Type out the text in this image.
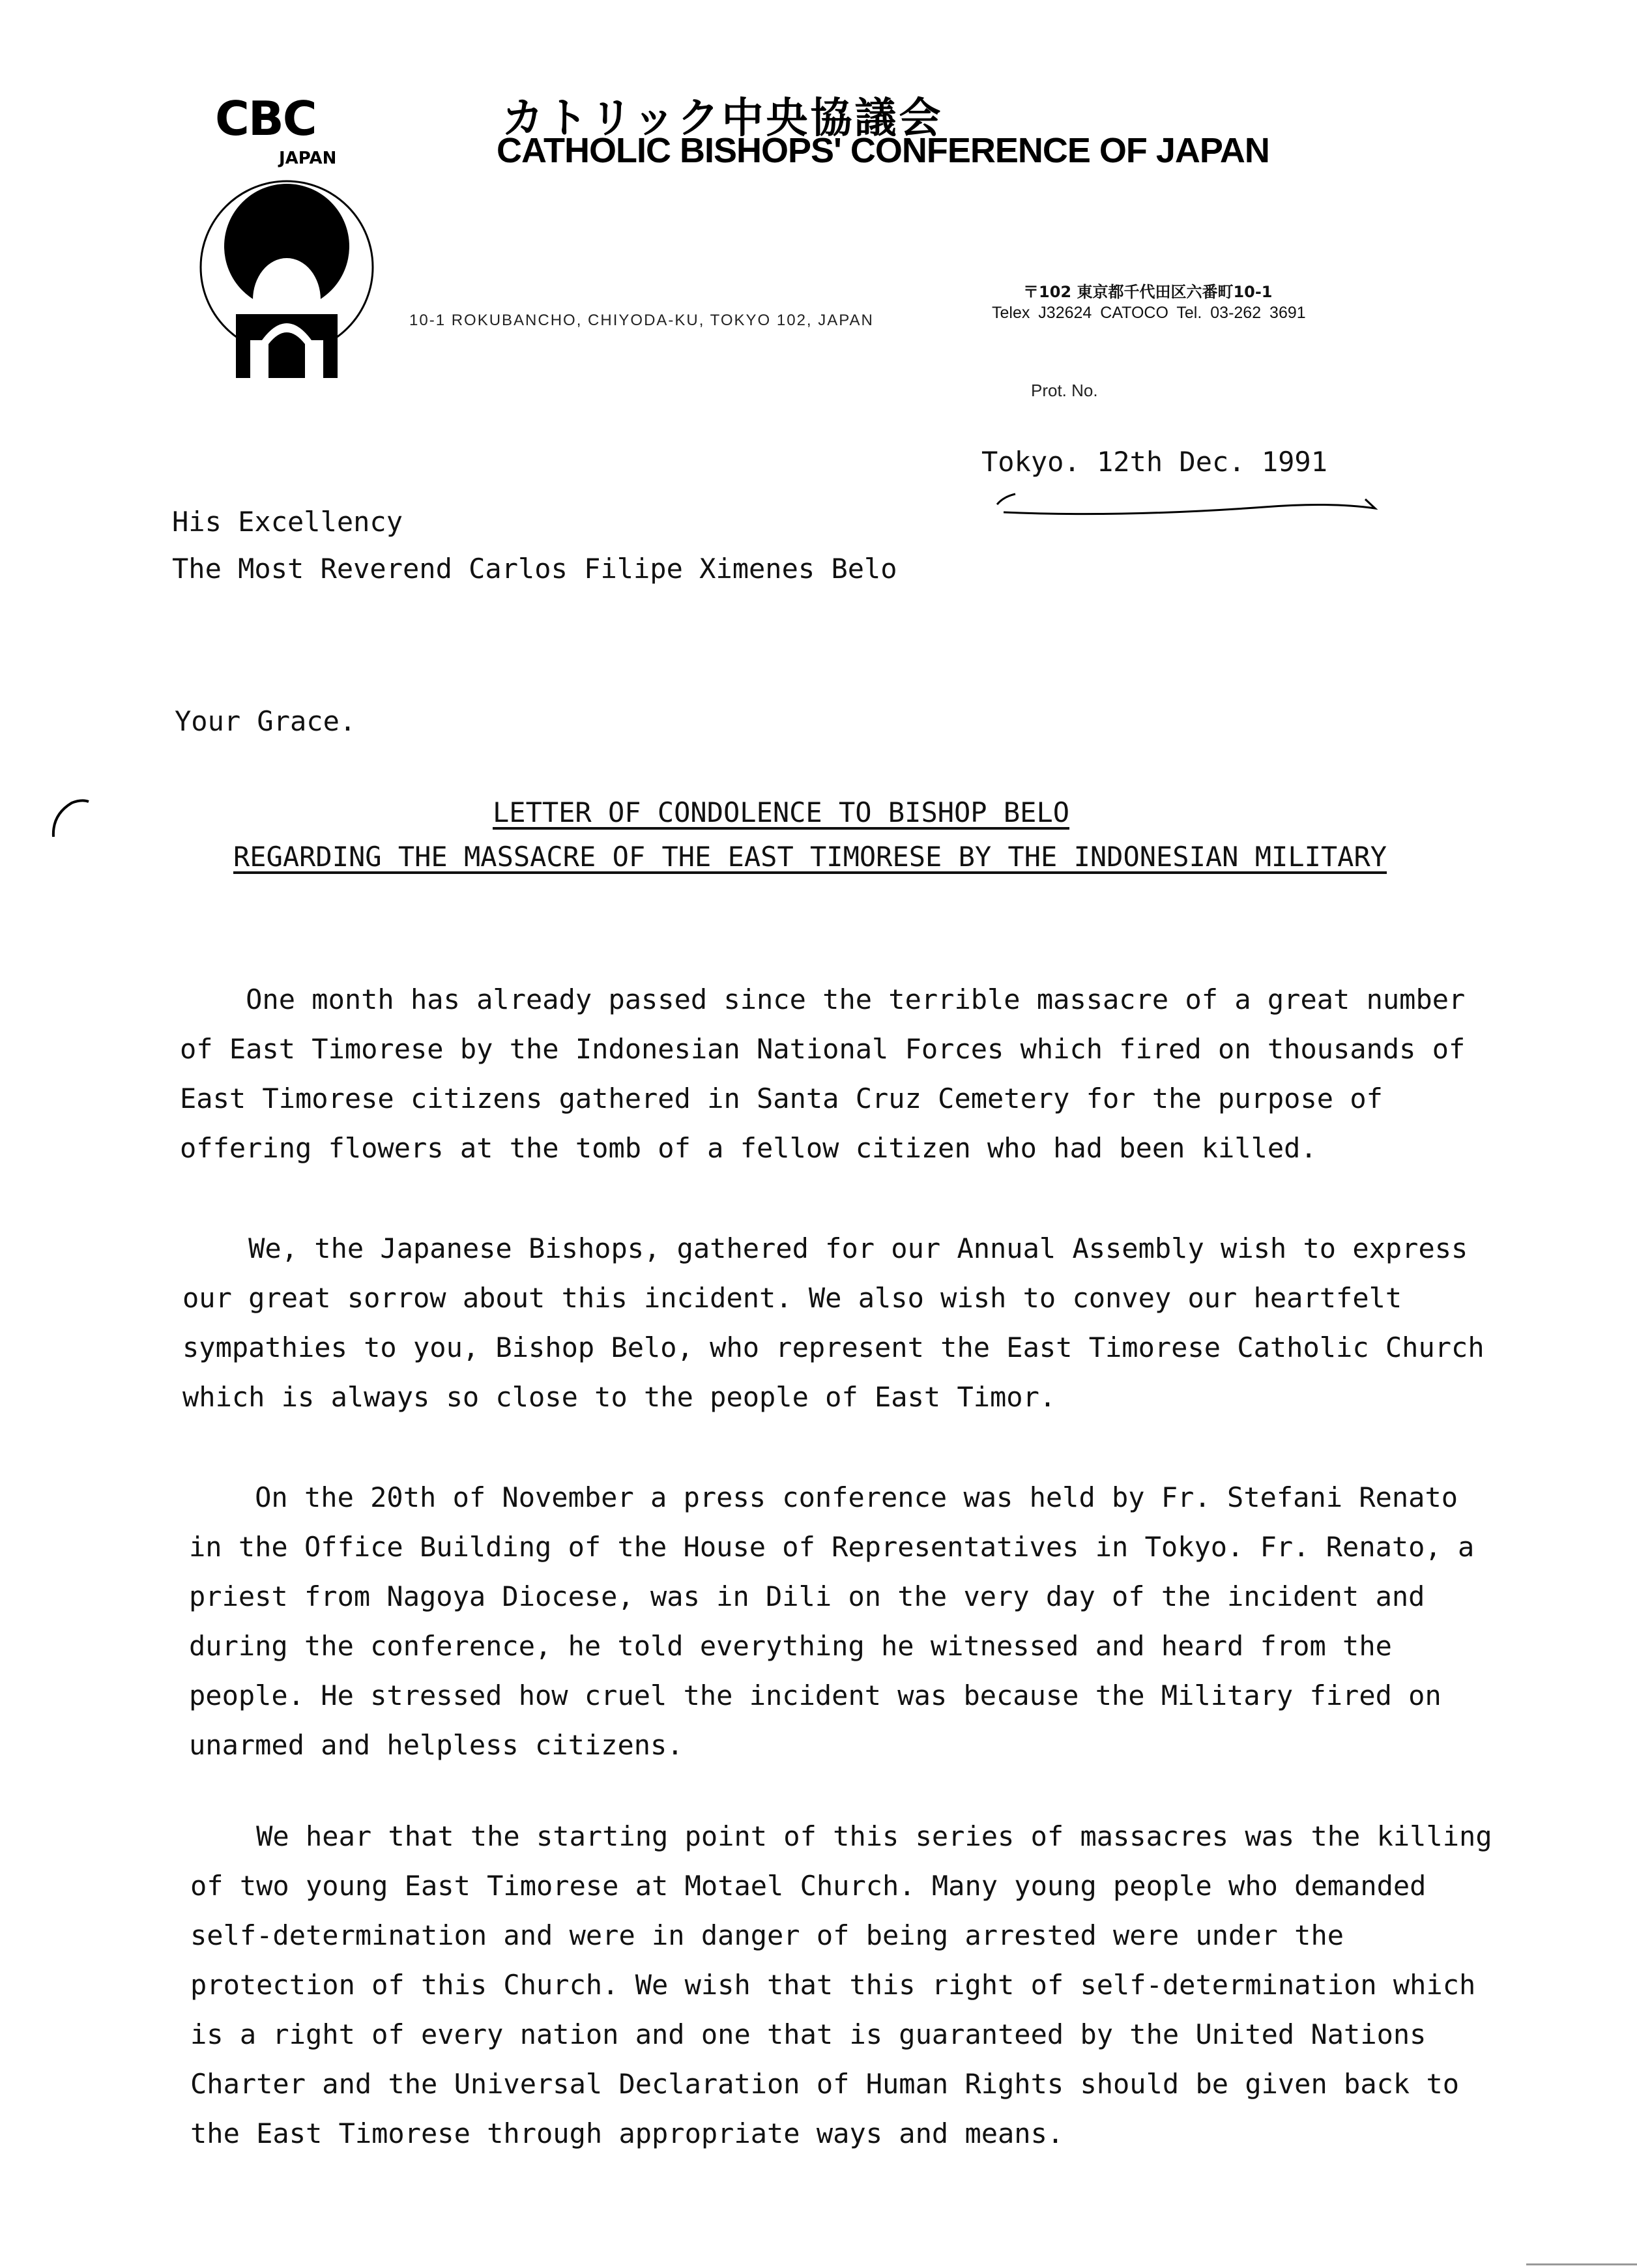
CBC
JAPAN
カトリック中央協議会
CATHOLIC BISHOPS' CONFERENCE OF JAPAN
10-1 ROKUBANCHO, CHIYODA-KU, TOKYO 102, JAPAN
〒102 東京都千代田区六番町10-1
Telex J32624 CATOCO Tel. 03-262 3691
Prot. No.
Tokyo. 12th Dec. 1991
His Excellency
The Most Reverend Carlos Filipe Ximenes Belo
Your Grace.
LETTER OF CONDOLENCE TO BISHOP BELO
REGARDING THE MASSACRE OF THE EAST TIMORESE BY THE INDONESIAN MILITARY

One month has already passed since the terrible massacre of a great number
of East Timorese by the Indonesian National Forces which fired on thousands of
East Timorese citizens gathered in Santa Cruz Cemetery for the purpose of
offering flowers at the tomb of a fellow citizen who had been killed.

We, the Japanese Bishops, gathered for our Annual Assembly wish to express
our great sorrow about this incident. We also wish to convey our heartfelt
sympathies to you, Bishop Belo, who represent the East Timorese Catholic Church
which is always so close to the people of East Timor.

On the 20th of November a press conference was held by Fr. Stefani Renato
in the Office Building of the House of Representatives in Tokyo. Fr. Renato, a
priest from Nagoya Diocese, was in Dili on the very day of the incident and
during the conference, he told everything he witnessed and heard from the
people. He stressed how cruel the incident was because the Military fired on
unarmed and helpless citizens.

We hear that the starting point of this series of massacres was the killing
of two young East Timorese at Motael Church. Many young people who demanded
self-determination and were in danger of being arrested were under the
protection of this Church. We wish that this right of self-determination which
is a right of every nation and one that is guaranteed by the United Nations
Charter and the Universal Declaration of Human Rights should be given back to
the East Timorese through appropriate ways and means.
